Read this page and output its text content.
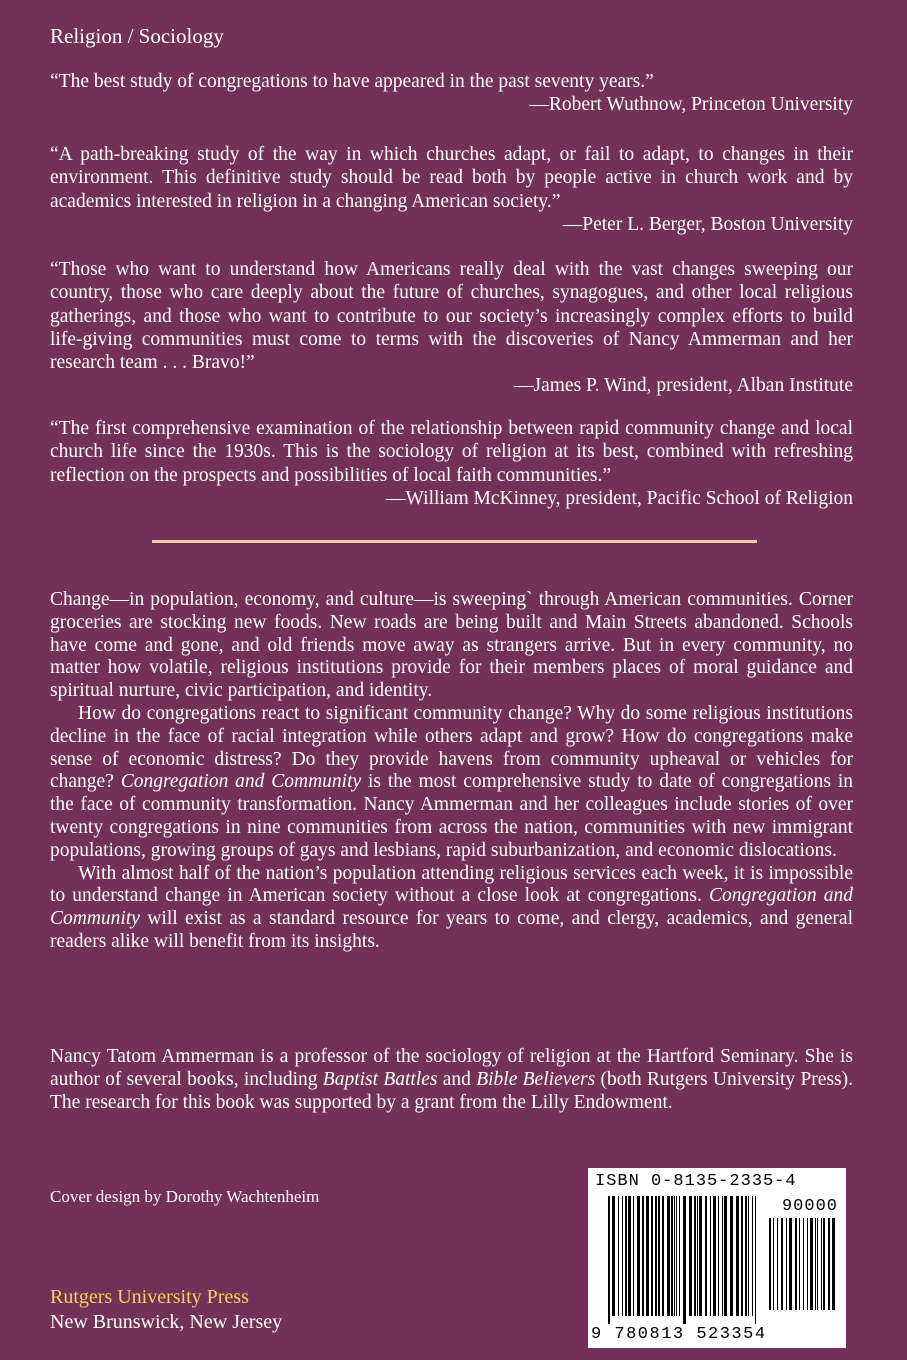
Religion / Sociology

“The best study of congregations to have appeared in the past seventy years.”

—Robert Wuthnow, Princeton University

“A path-breaking study of the way in which churches adapt, or fail to adapt, to changes in their environment. This definitive study should be read both by people active in church work and by academics interested in religion in a changing American society.”

—Peter L. Berger, Boston University

“Those who want to understand how Americans really deal with the vast changes sweeping our country, those who care deeply about the future of churches, synagogues, and other local religious gatherings, and those who want to contribute to our society’s increasingly complex efforts to build life-giving communities must come to terms with the discoveries of Nancy Ammerman and her research team . . . Bravo!”

—James P. Wind, president, Alban Institute

“The first comprehensive examination of the relationship between rapid community change and local church life since the 1930s. This is the sociology of religion at its best, combined with refreshing reflection on the prospects and possibilities of local faith communities.”

—William McKinney, president, Pacific School of Religion

Change—in population, economy, and culture—is sweeping` through American communities. Corner groceries are stocking new foods. New roads are being built and Main Streets abandoned. Schools have come and gone, and old friends move away as strangers arrive. But in every community, no matter how volatile, religious institutions provide for their members places of moral guidance and spiritual nurture, civic participation, and identity.

How do congregations react to significant community change? Why do some religious institutions decline in the face of racial integration while others adapt and grow? How do congregations make sense of economic distress? Do they provide havens from community upheaval or vehicles for change? Congregation and Community is the most comprehensive study to date of congregations in the face of community transformation. Nancy Ammerman and her colleagues include stories of over twenty congregations in nine communities from across the nation, communities with new immigrant populations, growing groups of gays and lesbians, rapid suburbanization, and economic dislocations.

With almost half of the nation’s population attending religious services each week, it is impossible to understand change in American society without a close look at congregations. Congregation and Community will exist as a standard resource for years to come, and clergy, academics, and general readers alike will benefit from its insights.

Nancy Tatom Ammerman is a professor of the sociology of religion at the Hartford Seminary. She is author of several books, including Baptist Battles and Bible Believers (both Rutgers University Press). The research for this book was supported by a grant from the Lilly Endowment.

Cover design by Dorothy Wachtenheim
Rutgers University Press
New Brunswick, New Jersey
ISBN 0-8135-2335-4
90000
9 780813 523354
